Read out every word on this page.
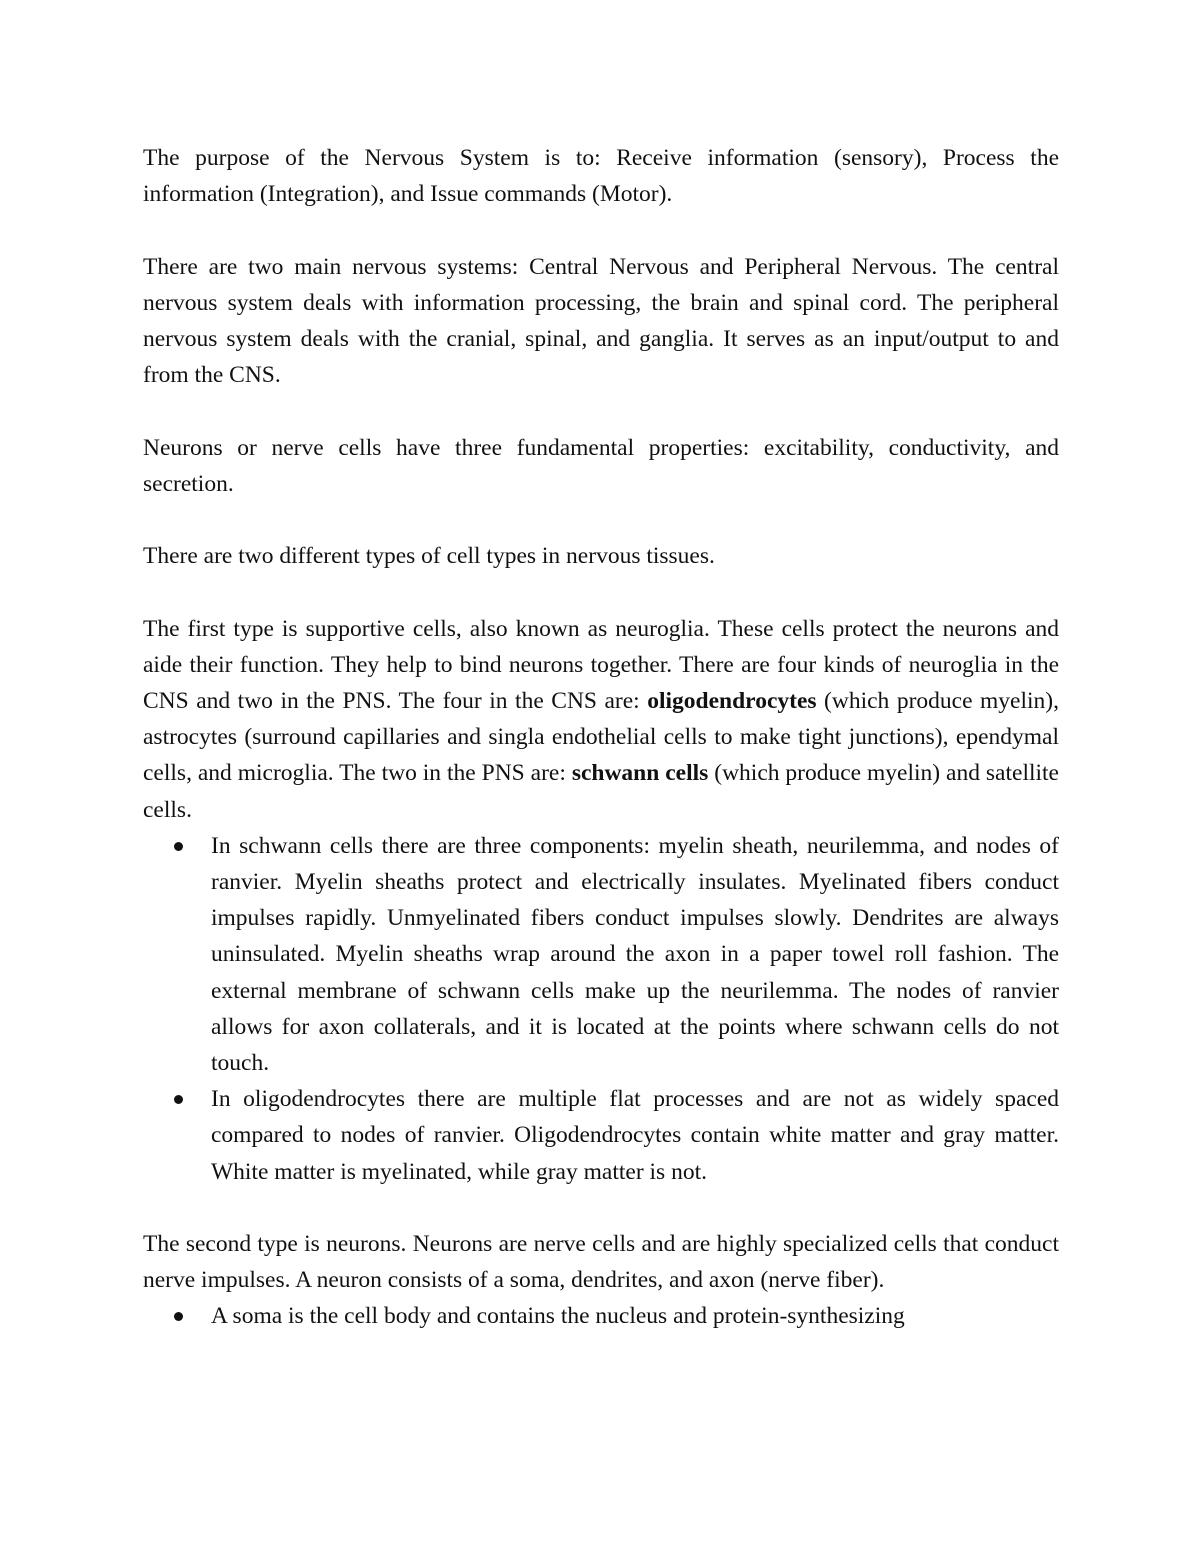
The purpose of the Nervous System is to: Receive information (sensory), Process the information (Integration), and Issue commands (Motor).

There are two main nervous systems: Central Nervous and Peripheral Nervous. The central nervous system deals with information processing, the brain and spinal cord. The peripheral nervous system deals with the cranial, spinal, and ganglia. It serves as an input/output to and from the CNS.

Neurons or nerve cells have three fundamental properties: excitability, conductivity, and secretion.

There are two different types of cell types in nervous tissues.

The first type is supportive cells, also known as neuroglia. These cells protect the neurons and aide their function. They help to bind neurons together. There are four kinds of neuroglia in the CNS and two in the PNS. The four in the CNS are: oligodendrocytes (which produce myelin), astrocytes (surround capillaries and singla endothelial cells to make tight junctions), ependymal cells, and microglia. The two in the PNS are: schwann cells (which produce myelin) and satellite cells.

In schwann cells there are three components: myelin sheath, neurilemma, and nodes of ranvier. Myelin sheaths protect and electrically insulates. Myelinated fibers conduct impulses rapidly. Unmyelinated fibers conduct impulses slowly. Dendrites are always uninsulated. Myelin sheaths wrap around the axon in a paper towel roll fashion. The external membrane of schwann cells make up the neurilemma. The nodes of ranvier allows for axon collaterals, and it is located at the points where schwann cells do not touch.
In oligodendrocytes there are multiple flat processes and are not as widely spaced compared to nodes of ranvier. Oligodendrocytes contain white matter and gray matter. White matter is myelinated, while gray matter is not.

The second type is neurons. Neurons are nerve cells and are highly specialized cells that conduct nerve impulses. A neuron consists of a soma, dendrites, and axon (nerve fiber).

A soma is the cell body and contains the nucleus and protein-synthesizing
